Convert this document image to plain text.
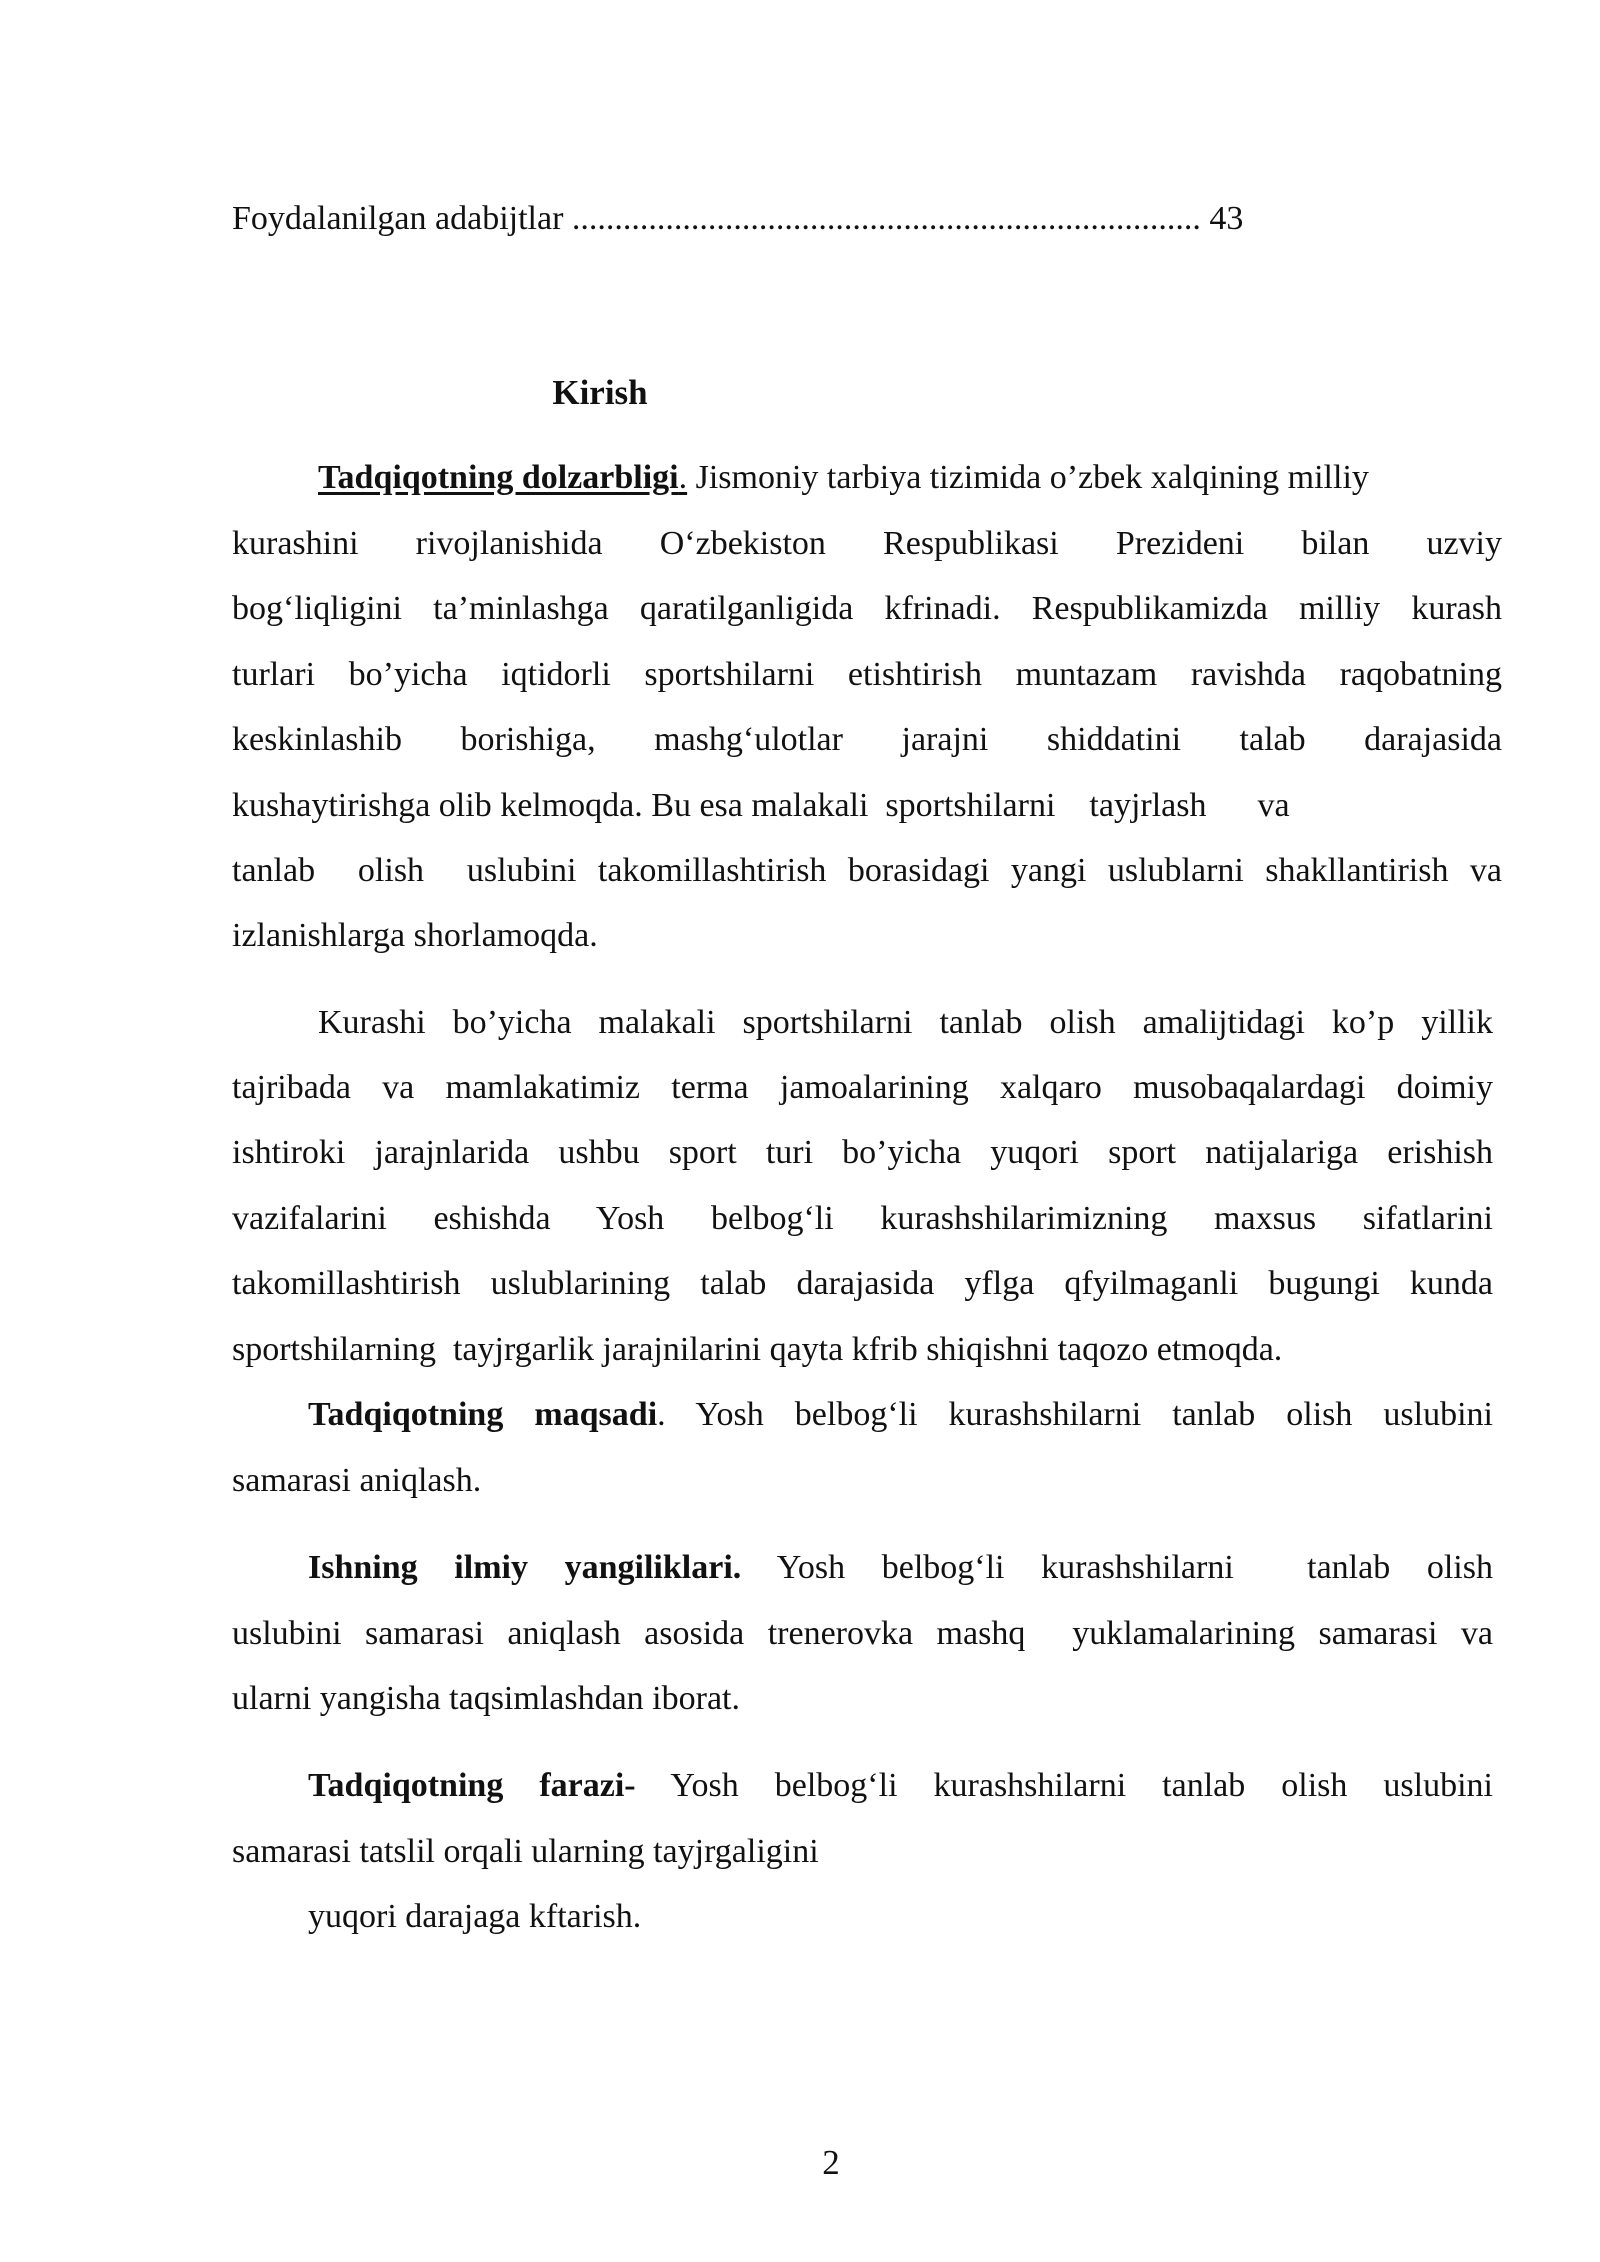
Foydalanilgan adabijtlar .......................................................................... 43
Kirish
Tadqiqotning dolzarbligi. Jismoniy tarbiya tizimida o’zbek xalqining milliy
kurashini rivojlanishida O‘zbekiston Respublikasi Prezideni bilan uzviy
bog‘liqligini ta’minlashga qaratilganligida kfrinadi. Respublikamizda milliy kurash
turlari bo’yicha iqtidorli sportshilarni etishtirish muntazam ravishda raqobatning
keskinlashib borishiga, mashg‘ulotlar jarajni shiddatini talab darajasida
kushaytirishga olib kelmoqda. Bu esa malakali  sportshilarni    tayjrlash      va
tanlab  olish  uslubini takomillashtirish borasidagi yangi uslublarni shakllantirish va
izlanishlarga shorlamoqda.
Kurashi bo’yicha malakali sportshilarni tanlab olish amalijtidagi ko’p yillik
tajribada va mamlakatimiz terma jamoalarining xalqaro musobaqalardagi doimiy
ishtiroki jarajnlarida ushbu sport turi bo’yicha yuqori sport natijalariga erishish
vazifalarini eshishda Yosh belbog‘li kurashshilarimizning maxsus sifatlarini
takomillashtirish uslublarining talab darajasida yflga qfyilmaganli bugungi kunda
sportshilarning  tayjrgarlik jarajnilarini qayta kfrib shiqishni taqozo etmoqda.
Tadqiqotning maqsadi. Yosh belbog‘li kurashshilarni tanlab olish uslubini
samarasi aniqlash.
Ishning ilmiy yangiliklari. Yosh belbog‘li kurashshilarni  tanlab olish
uslubini samarasi aniqlash asosida trenerovka mashq  yuklamalarining samarasi va
ularni yangisha taqsimlashdan iborat.
Tadqiqotning farazi- Yosh belbog‘li kurashshilarni tanlab olish uslubini
samarasi tatslil orqali ularning tayjrgaligini
yuqori darajaga kftarish.
2
